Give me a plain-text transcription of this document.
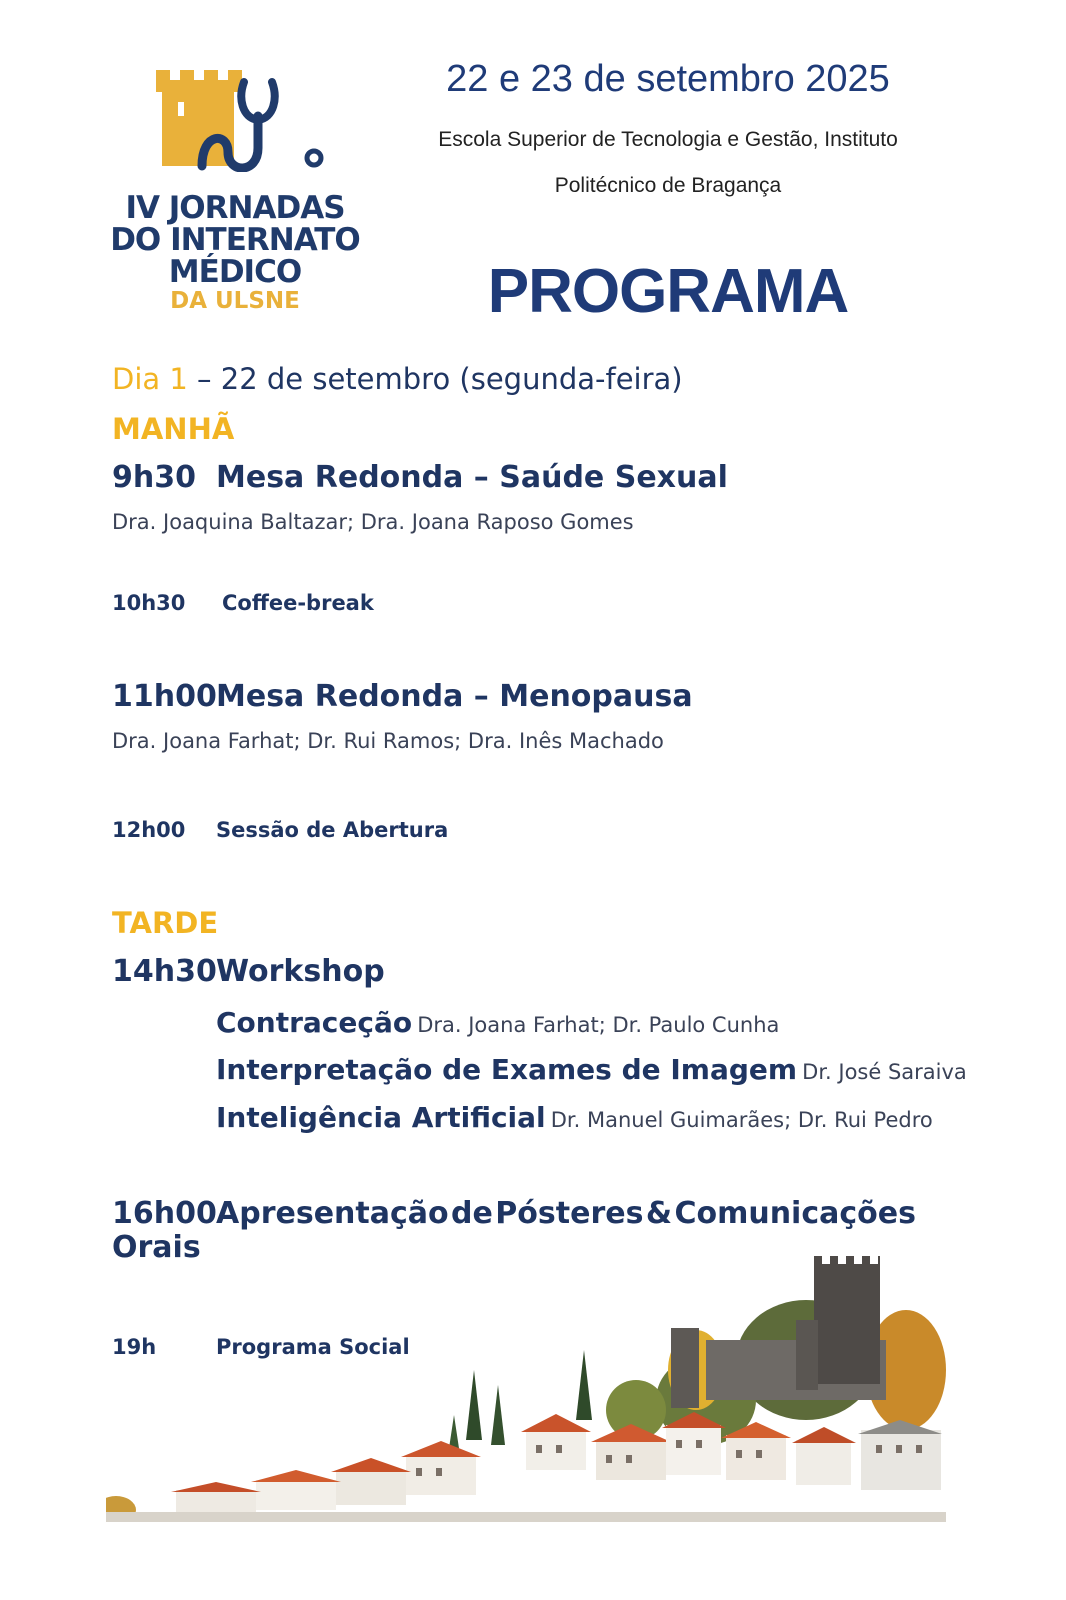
IV JORNADAS
DO INTERNATO
MÉDICO
DA ULSNE
22 e 23 de setembro 2025
Escola Superior de Tecnologia e Gestão, Instituto
Politécnico de Bragança
PROGRAMA
Dia 1 – 22 de setembro (segunda-feira)
MANHÃ
9h30 Mesa Redonda – Saúde Sexual
Dra. Joaquina Baltazar; Dra. Joana Raposo Gomes
10h30 Coffee-break
11h00 Mesa Redonda – Menopausa
Dra. Joana Farhat; Dr. Rui Ramos; Dra. Inês Machado
12h00 Sessão de Abertura
TARDE
14h30 Workshop
Contraceção Dra. Joana Farhat; Dr. Paulo Cunha
Interpretação de Exames de Imagem Dr. José Saraiva
Inteligência Artificial Dr. Manuel Guimarães; Dr. Rui Pedro
16h00 Apresentação de Pósteres & Comunicações
Orais
19h	Programa Social
